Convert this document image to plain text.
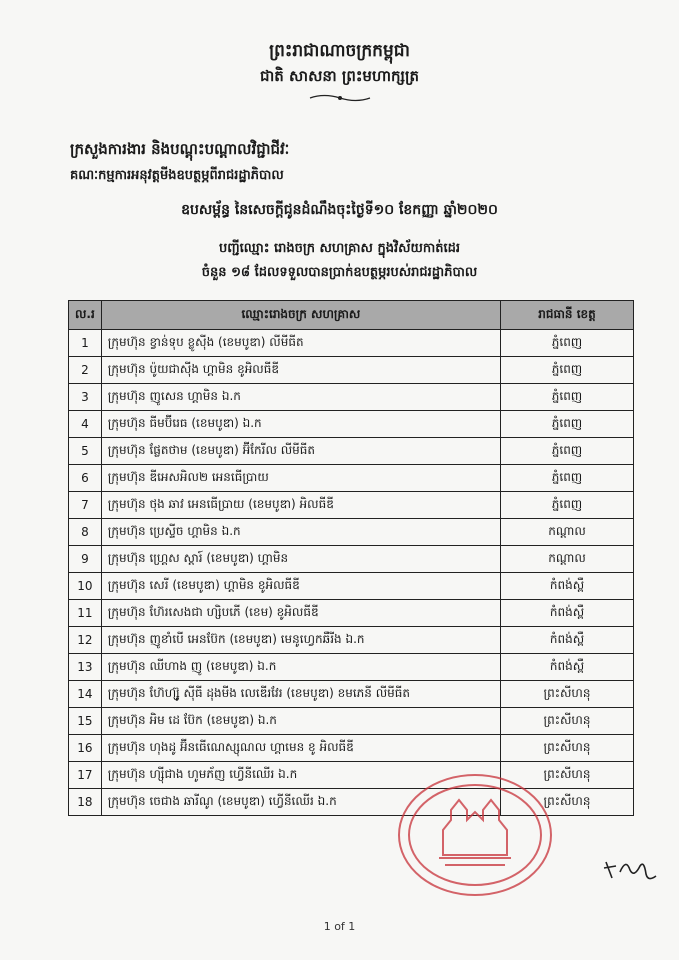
ព្រះរាជាណាចក្រកម្ពុជា
ជាតិ សាសនា ព្រះមហាក្សត្រ
ក្រសួងការងារ និងបណ្តុះបណ្តាលវិជ្ជាជីវៈ
គណៈកម្មការអនុវត្តមីងឧបត្ថម្ភពីរាជរដ្ឋាភិបាល
ឧបសម្ព័ន្ធ នៃសេចក្តីជូនដំណឹងចុះថ្ងៃទី១០ ខែកញ្ញា ឆ្នាំ២០២០
បញ្ជីឈ្មោះ រោងចក្រ សហគ្រាស ក្នុងវិស័យកាត់ដេរ
ចំនួន ១៨ ដែលទទួលបានប្រាក់ឧបត្ថម្ភរបស់រាជរដ្ឋាភិបាល
ល.រ	ឈ្មោះរោងចក្រ សហគ្រាស	រាជធានី ខេត្ត
1	ក្រុមហ៊ុន ខ្វាន់ទុប ខ្លូស៊ីង (ខេមបូឌា) លីមីធីត	ភ្នំពេញ
2	ក្រុមហ៊ុន ប៉ូយជាស៊ីង ហ្គាមិន ខូអិលធីឌី	ភ្នំពេញ
3	ក្រុមហ៊ុន ញូសេន ហ្គាមិន ឯ.ក	ភ្នំពេញ
4	ក្រុមហ៊ុន ធីមប៊ីរេធ (ខេមបូឌា) ឯ.ក	ភ្នំពេញ
5	ក្រុមហ៊ុន ផ្លែតថាម (ខេមបូឌា) អ៊ីកែរីល លីមីធីត	ភ្នំពេញ
6	ក្រុមហ៊ុន ឌីអេសអិល២ អេនធើប្រាយ	ភ្នំពេញ
7	ក្រុមហ៊ុន ថុង ឆាវ អេនធើប្រាយ (ខេមបូឌា) អិលធីឌី	ភ្នំពេញ
8	ក្រុមហ៊ុន ប្រេស្ទីច ហ្គាមិន ឯ.ក	កណ្តាល
9	ក្រុមហ៊ុន ហ្គ្រេស ស្តារ៍ (ខេមបូឌា) ហ្គាមិន	កណ្តាល
10	ក្រុមហ៊ុន សេរី (ខេមបូឌា) ហ្គាមិន ខូអិលធីឌី	កំពង់ស្ពឺ
11	ក្រុមហ៊ុន ហ៊ែរសេងជា ហ្សិបភើ (ខេម) ខូអិលធីឌី	កំពង់ស្ពឺ
12	ក្រុមហ៊ុន ញូខាំបើ អេនប៊ែក (ខេមបូឌា) មេនូហ្វេកឆឺរីង ឯ.ក	កំពង់ស្ពឺ
13	ក្រុមហ៊ុន ឈីហាង ញូ (ខេមបូឌា) ឯ.ក	កំពង់ស្ពឺ
14	ក្រុមហ៊ុន ហ៊ែហ្ស៊ូ ស៊ីធី ដុងមីង លេឌើរវែរ (ខេមបូឌា) ខមភេនី លីមីធីត	ព្រះសីហនុ
15	ក្រុមហ៊ុន អិម ដេ ប៊ែក (ខេមបូឌា) ឯ.ក	ព្រះសីហនុ
16	ក្រុមហ៊ុន ហុងដូ អ៊ីនធើណេស្សុណល ហ្គាមេន ខូ អិលធីឌី	ព្រះសីហនុ
17	ក្រុមហ៊ុន ហ្ស៊ីជាង ហូមភ័ញ ហ្វើនីឈើរ ឯ.ក	ព្រះសីហនុ
18	ក្រុមហ៊ុន ចេជាង ឆារីណូ (ខេមបូឌា) ហ្វើនីឈើរ ឯ.ក	ព្រះសីហនុ
1 of 1
